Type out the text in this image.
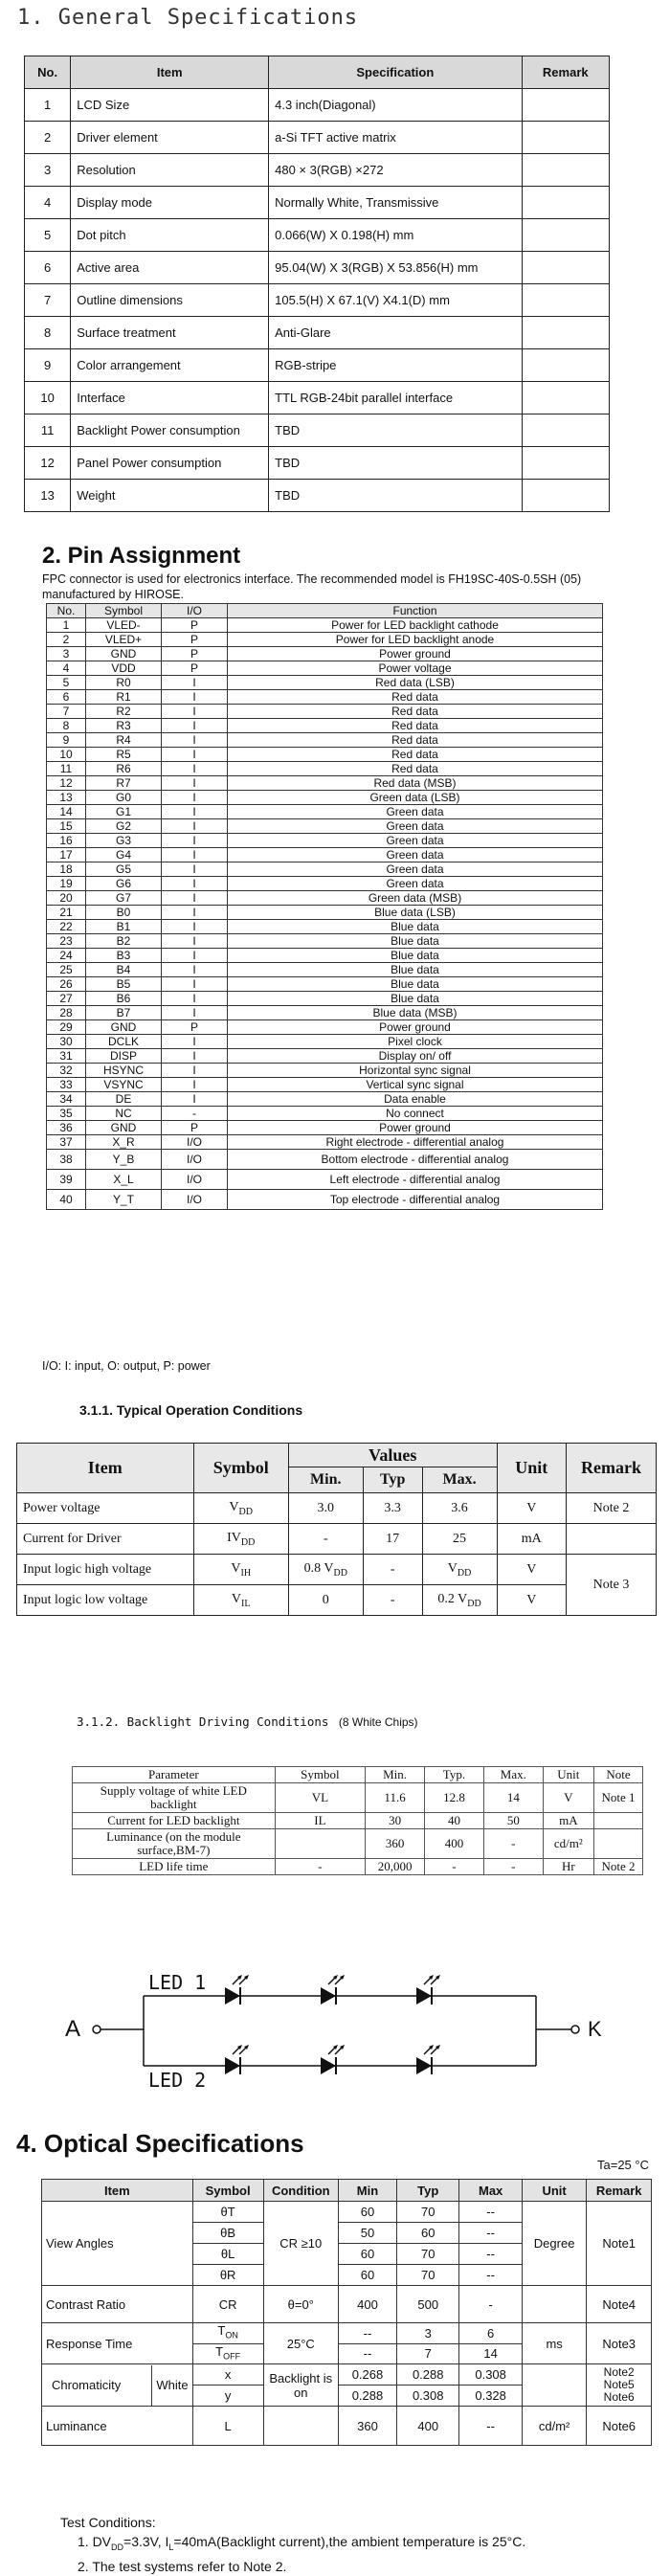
1. General Specifications
No.	Item	Specification	Remark
1	LCD Size	4.3 inch(Diagonal)	
2	Driver element	a-Si TFT active matrix	
3	Resolution	480 × 3(RGB) ×272	
4	Display mode	Normally White, Transmissive	
5	Dot pitch	0.066(W) X 0.198(H) mm	
6	Active area	95.04(W) X 3(RGB) X 53.856(H) mm	
7	Outline dimensions	105.5(H) X 67.1(V) X4.1(D) mm	
8	Surface treatment	Anti-Glare	
9	Color arrangement	RGB-stripe	
10	Interface	TTL RGB-24bit parallel interface	
11	Backlight Power consumption	TBD	
12	Panel Power consumption	TBD	
13	Weight	TBD	
2. Pin Assignment
FPC connector is used for electronics interface. The recommended model is FH19SC-40S-0.5SH (05) manufactured by HIROSE.
No.	Symbol	I/O	Function
1	VLED-	P	Power for LED backlight cathode
2	VLED+	P	Power for LED backlight anode
3	GND	P	Power ground
4	VDD	P	Power voltage
5	R0	I	Red data (LSB)
6	R1	I	Red data
7	R2	I	Red data
8	R3	I	Red data
9	R4	I	Red data
10	R5	I	Red data
11	R6	I	Red data
12	R7	I	Red data (MSB)
13	G0	I	Green data (LSB)
14	G1	I	Green data
15	G2	I	Green data
16	G3	I	Green data
17	G4	I	Green data
18	G5	I	Green data
19	G6	I	Green data
20	G7	I	Green data (MSB)
21	B0	I	Blue data (LSB)
22	B1	I	Blue data
23	B2	I	Blue data
24	B3	I	Blue data
25	B4	I	Blue data
26	B5	I	Blue data
27	B6	I	Blue data
28	B7	I	Blue data (MSB)
29	GND	P	Power ground
30	DCLK	I	Pixel clock
31	DISP	I	Display on/ off
32	HSYNC	I	Horizontal sync signal
33	VSYNC	I	Vertical sync signal
34	DE	I	Data enable
35	NC	-	No connect
36	GND	P	Power ground
37	X_R	I/O	Right electrode - differential analog
38	Y_B	I/O	Bottom electrode - differential analog
39	X_L	I/O	Left electrode - differential analog
40	Y_T	I/O	Top electrode - differential analog
I/O: I: input, O: output, P: power
3.1.1. Typical Operation Conditions
Item	Symbol	Values			Unit	Remark
		Min.	Typ	Max.		
Power voltage	$V_{DD}$	3.0	3.3	3.6	V	Note 2
Current for Driver	$IV_{DD}$	-	17	25	mA	
Input logic high voltage	$V_{IH}$	0.8 $V_{DD}$	-	$V_{DD}$	V	Note 3
Input logic low voltage	$V_{IL}$	0	-	0.2 $V_{DD}$	V	
3.1.2. Backlight Driving Conditions (8 White Chips)
Parameter	Symbol	Min.	Typ.	Max.	Unit	Note
Supply voltage of white LED backlight	VL	11.6	12.8	14	V	Note 1
Current for LED backlight	IL	30	40	50	mA	
Luminance (on the module surface,BM-7)		360	400	-	cd/m²	
LED life time	-	20,000	-	-	Hr	Note 2
LED 1
LED 2
A	K
4. Optical Specifications
Ta=25 °C
Item	Symbol	Condition	Min	Typ	Max	Unit	Remark
View Angles	θT	CR ≥10	60	70	--	Degree	Note1
	θB		50	60	--		
	θL		60	70	--		
	θR		60	70	--		
Contrast Ratio	CR	θ=0°	400	500	-		Note4
Response Time	$T_{ON}$	25°C	--	3	6	ms	Note3
	$T_{OFF}$		--	7	14		

Chromaticity White	x	Backlight is on	0.268	0.288	0.308		Note2 Note5 Note6
	y		0.288	0.308	0.328		
Luminance	L		360	400	--	cd/m²	Note6
Test Conditions:
1. $DV_{DD}=3.3V$, $I_L=40mA(Backlight$ current),the ambient temperature is 25°C.
2. The test systems refer to Note 2.
